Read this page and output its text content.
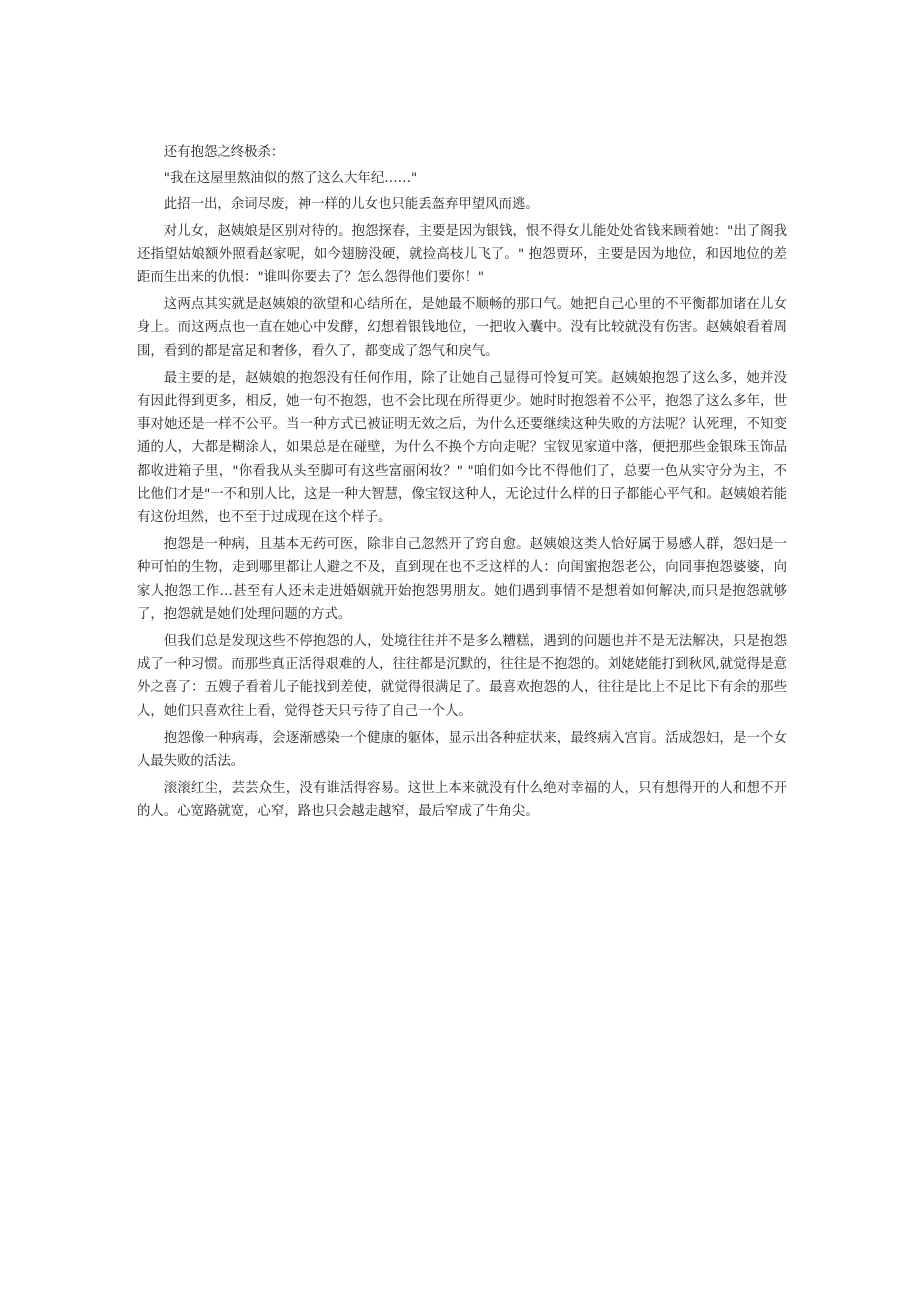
还有抱怨之终极杀：

"我在这屋里熬油似的熬了这么大年纪……"

此招一出，余词尽废，神一样的儿女也只能丢盔弃甲望风而逃。

对儿女，赵姨娘是区别对待的。抱怨探春，主要是因为银钱，恨不得女儿能处处省钱来顾着她："出了阁我还指望姑娘额外照看赵家呢，如今翅膀没硬，就捡高枝儿飞了。" 抱怨贾环，主要是因为地位，和因地位的差距而生出来的仇恨："谁叫你要去了？怎么怨得他们要你！"

这两点其实就是赵姨娘的欲望和心结所在，是她最不顺畅的那口气。她把自己心里的不平衡都加诸在儿女身上。而这两点也一直在她心中发酵，幻想着银钱地位，一把收入囊中。没有比较就没有伤害。赵姨娘看着周围，看到的都是富足和奢侈，看久了，都变成了怨气和戾气。

最主要的是，赵姨娘的抱怨没有任何作用，除了让她自己显得可怜复可笑。赵姨娘抱怨了这么多，她并没有因此得到更多，相反，她一句不抱怨，也不会比现在所得更少。她时时抱怨着不公平，抱怨了这么多年，世事对她还是一样不公平。当一种方式已被证明无效之后，为什么还要继续这种失败的方法呢？认死理，不知变通的人，大都是糊涂人，如果总是在碰壁，为什么不换个方向走呢？宝钗见家道中落，便把那些金银珠玉饰品都收进箱子里，"你看我从头至脚可有这些富丽闲妆？" "咱们如今比不得他们了，总要一色从实守分为主，不比他们才是"一不和别人比，这是一种大智慧，像宝钗这种人，无论过什么样的日子都能心平气和。赵姨娘若能有这份坦然，也不至于过成现在这个样子。

抱怨是一种病，且基本无药可医，除非自己忽然开了窍自愈。赵姨娘这类人恰好属于易感人群，怨妇是一种可怕的生物，走到哪里都让人避之不及，直到现在也不乏这样的人：向闺蜜抱怨老公，向同事抱怨婆婆，向家人抱怨工作…甚至有人还未走进婚姻就开始抱怨男朋友。她们遇到事情不是想着如何解决,而只是抱怨就够了，抱怨就是她们处理问题的方式。

但我们总是发现这些不停抱怨的人，处境往往并不是多么糟糕，遇到的问题也并不是无法解决，只是抱怨成了一种习惯。而那些真正活得艰难的人，往往都是沉默的，往往是不抱怨的。刘姥姥能打到秋风,就觉得是意外之喜了：五嫂子看着儿子能找到差使，就觉得很满足了。最喜欢抱怨的人，往往是比上不足比下有余的那些人，她们只喜欢往上看，觉得苍天只亏待了自己一个人。

抱怨像一种病毒，会逐渐感染一个健康的躯体，显示出各种症状来，最终病入宫肓。活成怨妇，是一个女人最失败的活法。

滚滚红尘，芸芸众生，没有谁活得容易。这世上本来就没有什么绝对幸福的人，只有想得开的人和想不开的人。心宽路就宽，心窄，路也只会越走越窄，最后窄成了牛角尖。
